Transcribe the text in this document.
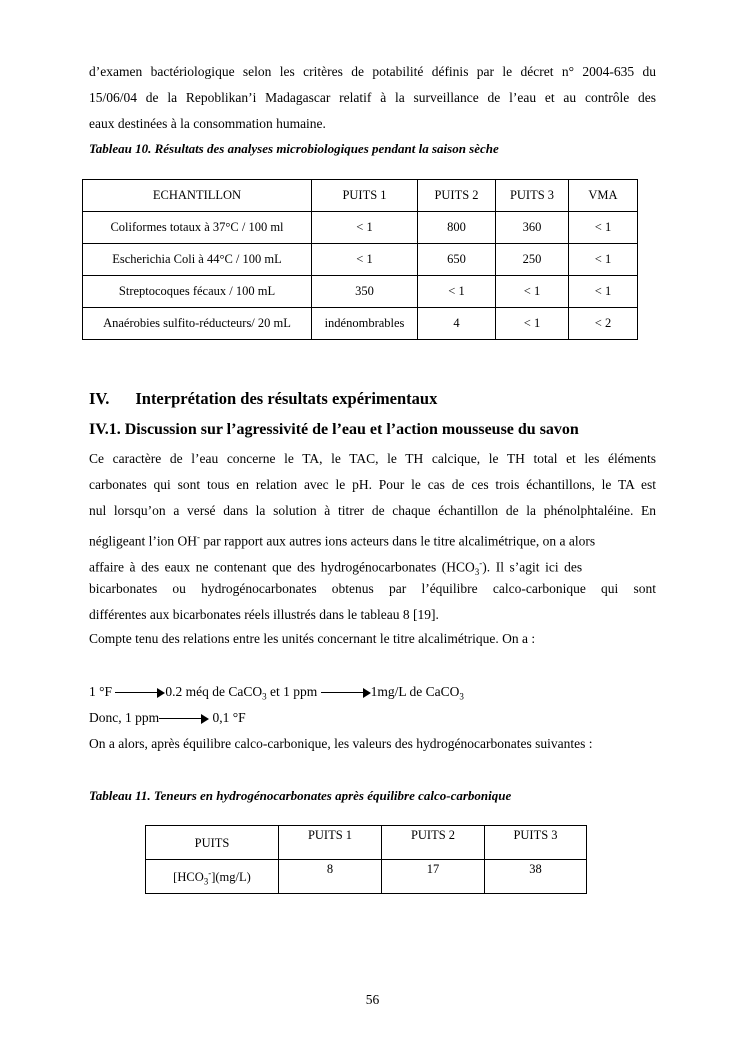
d’examen bactériologique selon les critères de potabilité définis par le décret n° 2004-635 du
15/06/04 de la Repoblikan’i Madagascar relatif à la surveillance de l’eau et au contrôle des
eaux destinées à la consommation humaine.
Tableau 10. Résultats des analyses microbiologiques pendant la saison sèche
ECHANTILLON	PUITS 1	PUITS 2	PUITS 3	VMA
Coliformes totaux à 37°C / 100 ml	< 1	800	360	< 1
Escherichia Coli à 44°C / 100 mL	< 1	650	250	< 1
Streptocoques fécaux / 100 mL	350	< 1	< 1	< 1
Anaérobies sulfito-réducteurs/ 20 mL	indénombrables	4	< 1	< 2
IV. Interprétation des résultats expérimentaux
IV.1. Discussion sur l’agressivité de l’eau et l’action mousseuse du savon
Ce caractère de l’eau concerne le TA, le TAC, le TH calcique, le TH total et les éléments
carbonates qui sont tous en relation avec le pH. Pour le cas de ces trois échantillons, le TA est
nul lorsqu’on a versé dans la solution à titrer de chaque échantillon de la phénolphtaléine. En
négligeant l’ion OH- par rapport aux autres ions acteurs dans le titre alcalimétrique, on a alors
affaire à des eaux ne contenant que des hydrogénocarbonates $(HCO_3^-)$. Il s’agit ici des
bicarbonates ou hydrogénocarbonates obtenus par l’équilibre calco-carbonique qui sont
différentes aux bicarbonates réels illustrés dans le tableau 8 [19].
Compte tenu des relations entre les unités concernant le titre alcalimétrique. On a :
1 °F	0.2 méq de CaCO$_3$ et 1 ppm	1mg/L de CaCO$_3$
Donc, 1 ppm	0,1 °F
On a alors, après équilibre calco-carbonique, les valeurs des hydrogénocarbonates suivantes :
Tableau 11. Teneurs en hydrogénocarbonates après équilibre calco-carbonique
PUITS	PUITS 1	PUITS 2	PUITS 3
$[HCO_3^-](mg/L)$	8	17	38
56
